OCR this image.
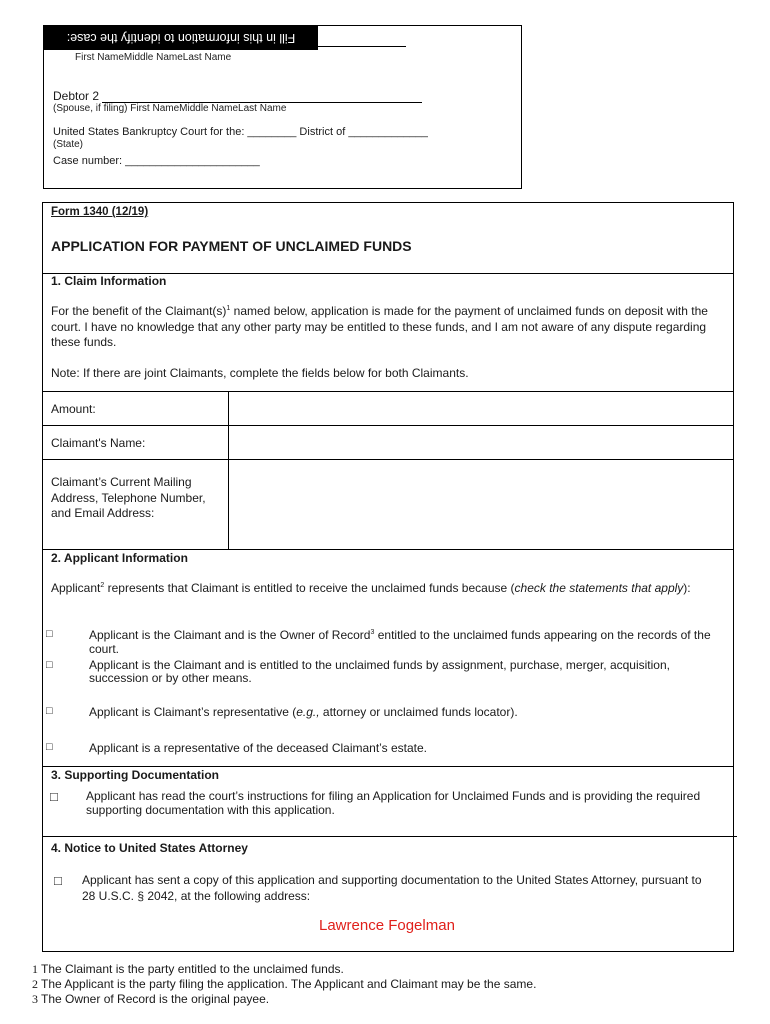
Fill in this information to identify the case:
First NameMiddle NameLast Name
Debtor 2
(Spouse, if filing) First NameMiddle NameLast Name
United States Bankruptcy Court for the: ________ District of _____________
(State)
Case number: ______________________
Form 1340 (12/19)
APPLICATION FOR PAYMENT OF UNCLAIMED FUNDS
1. Claim Information
For the benefit of the $Claimant(s)^1$ named below, application is made for the payment of unclaimed funds on deposit with the court. I have no knowledge that any other party may be entitled to these funds, and I am not aware of any dispute regarding these funds.
Note: If there are joint Claimants, complete the fields below for both Claimants.
Amount:
Claimant's Name:
Claimant’s Current Mailing Address, Telephone Number, and Email Address:
2. Applicant Information
Applicant$^2$ represents that Claimant is entitled to receive the unclaimed funds because (check the statements that apply):
□	Applicant is the Claimant and is the Owner of Record$^3$ entitled to the unclaimed funds appearing on the records of the court.
□	Applicant is the Claimant and is entitled to the unclaimed funds by assignment, purchase, merger, acquisition, succession or by other means.
□	Applicant is Claimant’s representative (e.g., attorney or unclaimed funds locator).
□	Applicant is a representative of the deceased Claimant’s estate.
3. Supporting Documentation
□ Applicant has read the court’s instructions for filing an Application for Unclaimed Funds and is providing the required supporting documentation with this application.
4. Notice to United States Attorney
□ Applicant has sent a copy of this application and supporting documentation to the United States Attorney, pursuant to 28 U.S.C. § 2042, at the following address:
Lawrence Fogelman
1 The Claimant is the party entitled to the unclaimed funds.
2 The Applicant is the party filing the application. The Applicant and Claimant may be the same.
3 The Owner of Record is the original payee.
